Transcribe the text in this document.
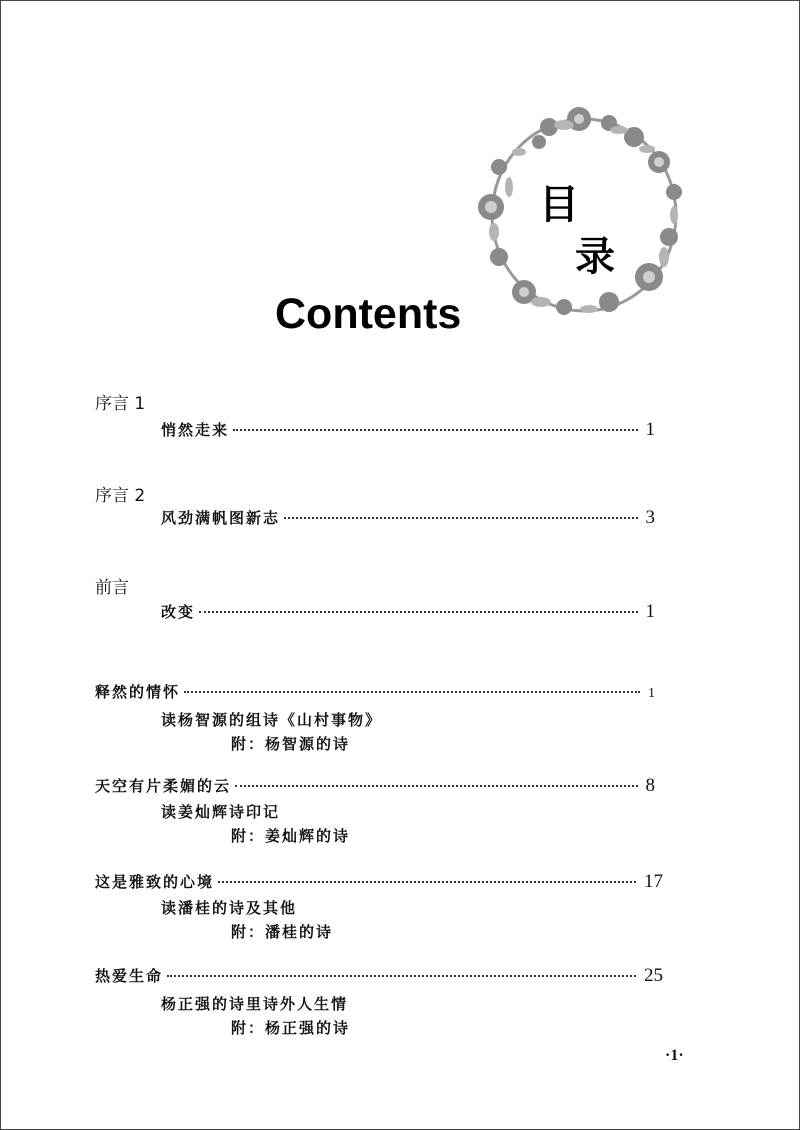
目
录
Contents
序言 1
悄然走来	1
序言 2
风劲满帆图新志	3
前言
改变	1
释然的情怀	1
读杨智源的组诗《山村事物》
附：杨智源的诗
天空有片柔媚的云	8
读姜灿辉诗印记
附：姜灿辉的诗
这是雅致的心境	17
读潘桂的诗及其他
附：潘桂的诗
热爱生命	25
杨正强的诗里诗外人生情
附：杨正强的诗
·1·
